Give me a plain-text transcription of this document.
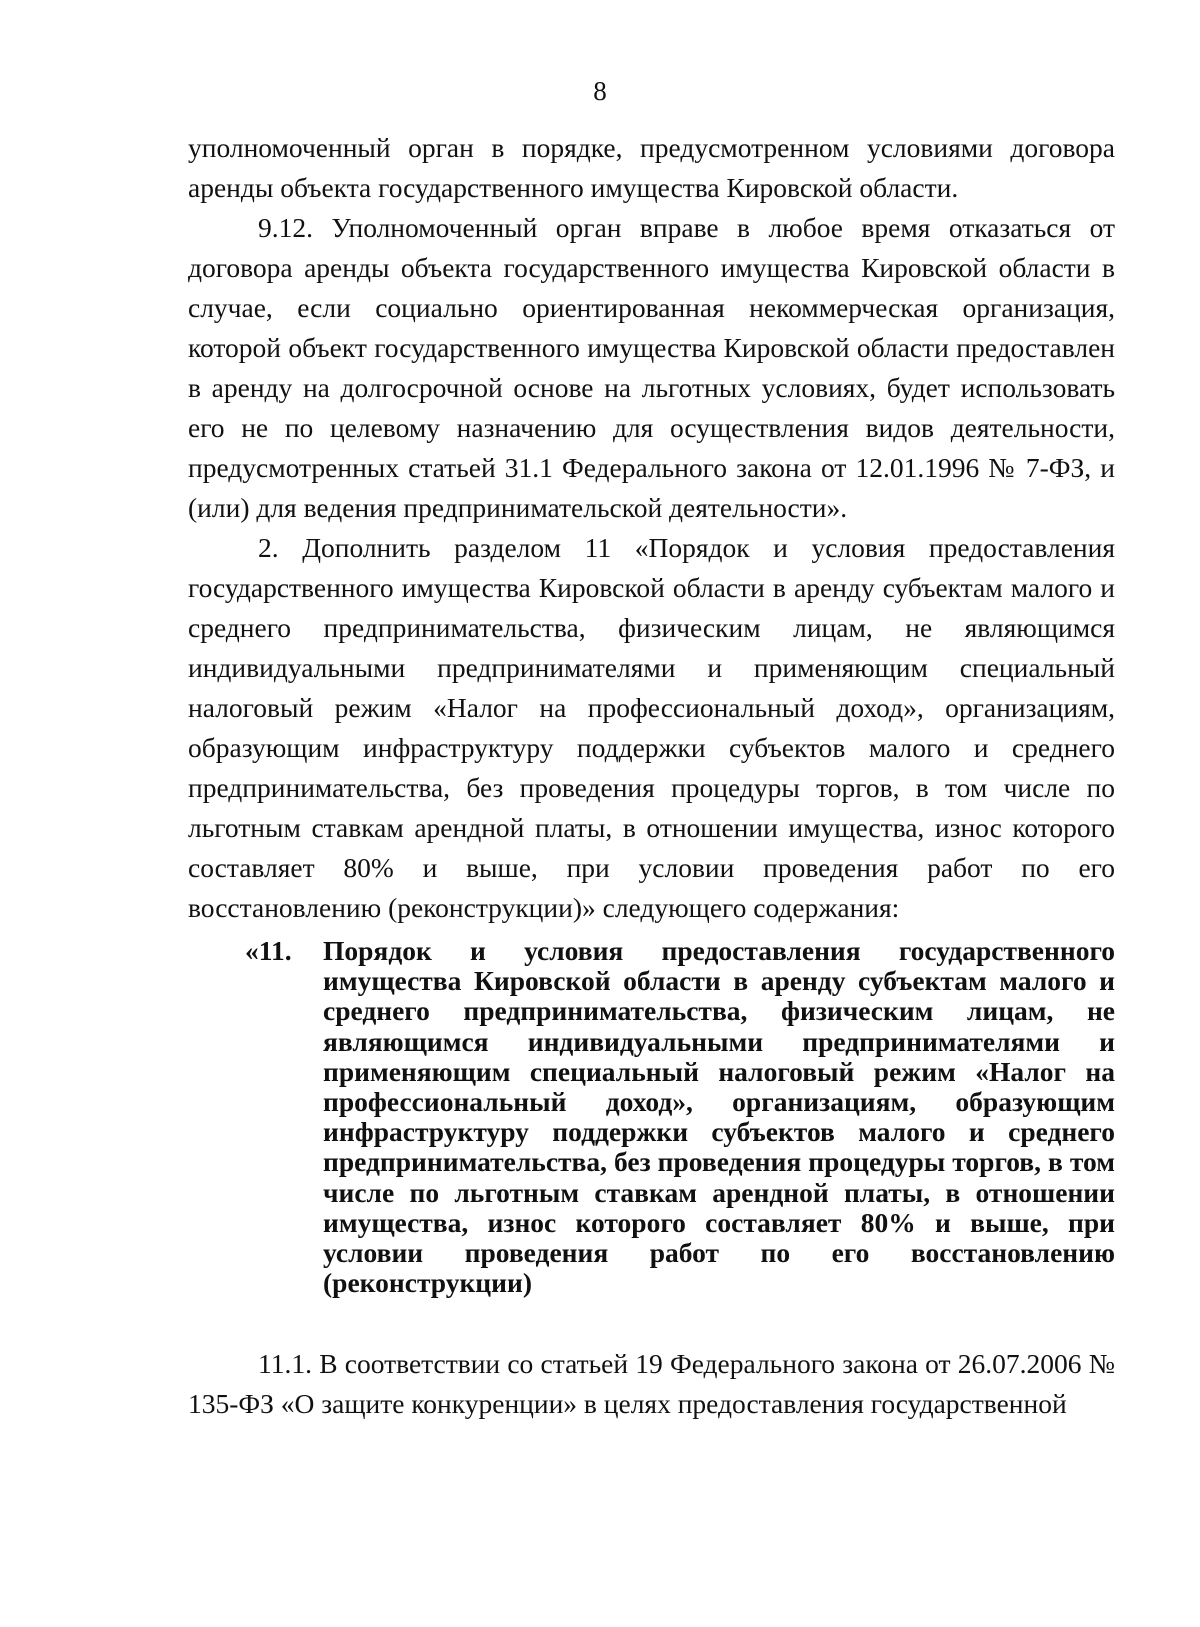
8

уполномоченный орган в порядке, предусмотренном условиями договора аренды объекта государственного имущества Кировской области.

9.12. Уполномоченный орган вправе в любое время отказаться от договора аренды объекта государственного имущества Кировской области в случае, если социально ориентированная некоммерческая организация, которой объект государственного имущества Кировской области предоставлен в аренду на долгосрочной основе на льготных условиях, будет использовать его не по целевому назначению для осуществления видов деятельности, предусмотренных статьей 31.1 Федерального закона от 12.01.1996 № 7-ФЗ, и (или) для ведения предпринимательской деятельности».

2. Дополнить разделом 11 «Порядок и условия предоставления государственного имущества Кировской области в аренду субъектам малого и среднего предпринимательства, физическим лицам, не являющимся индивидуальными предпринимателями и применяющим специальный налоговый режим «Налог на профессиональный доход», организациям, образующим инфраструктуру поддержки субъектов малого и среднего предпринимательства, без проведения процедуры торгов, в том числе по льготным ставкам арендной платы, в отношении имущества, износ которого составляет 80% и выше, при условии проведения работ по его восстановлению (реконструкции)» следующего содержания:

«11.	Порядок и условия предоставления государственного имущества Кировской области в аренду субъектам малого и среднего предпринимательства, физическим лицам, не являющимся индивидуальными предпринимателями и применяющим специальный налоговый режим «Налог на профессиональный доход», организациям, образующим инфраструктуру поддержки субъектов малого и среднего предпринимательства, без проведения процедуры торгов, в том числе по льготным ставкам арендной платы, в отношении имущества, износ которого составляет 80% и выше, при условии проведения работ по его восстановлению (реконструкции)

11.1. В соответствии со статьей 19 Федерального закона от 26.07.2006 № 135-ФЗ «О защите конкуренции» в целях предоставления государственной
